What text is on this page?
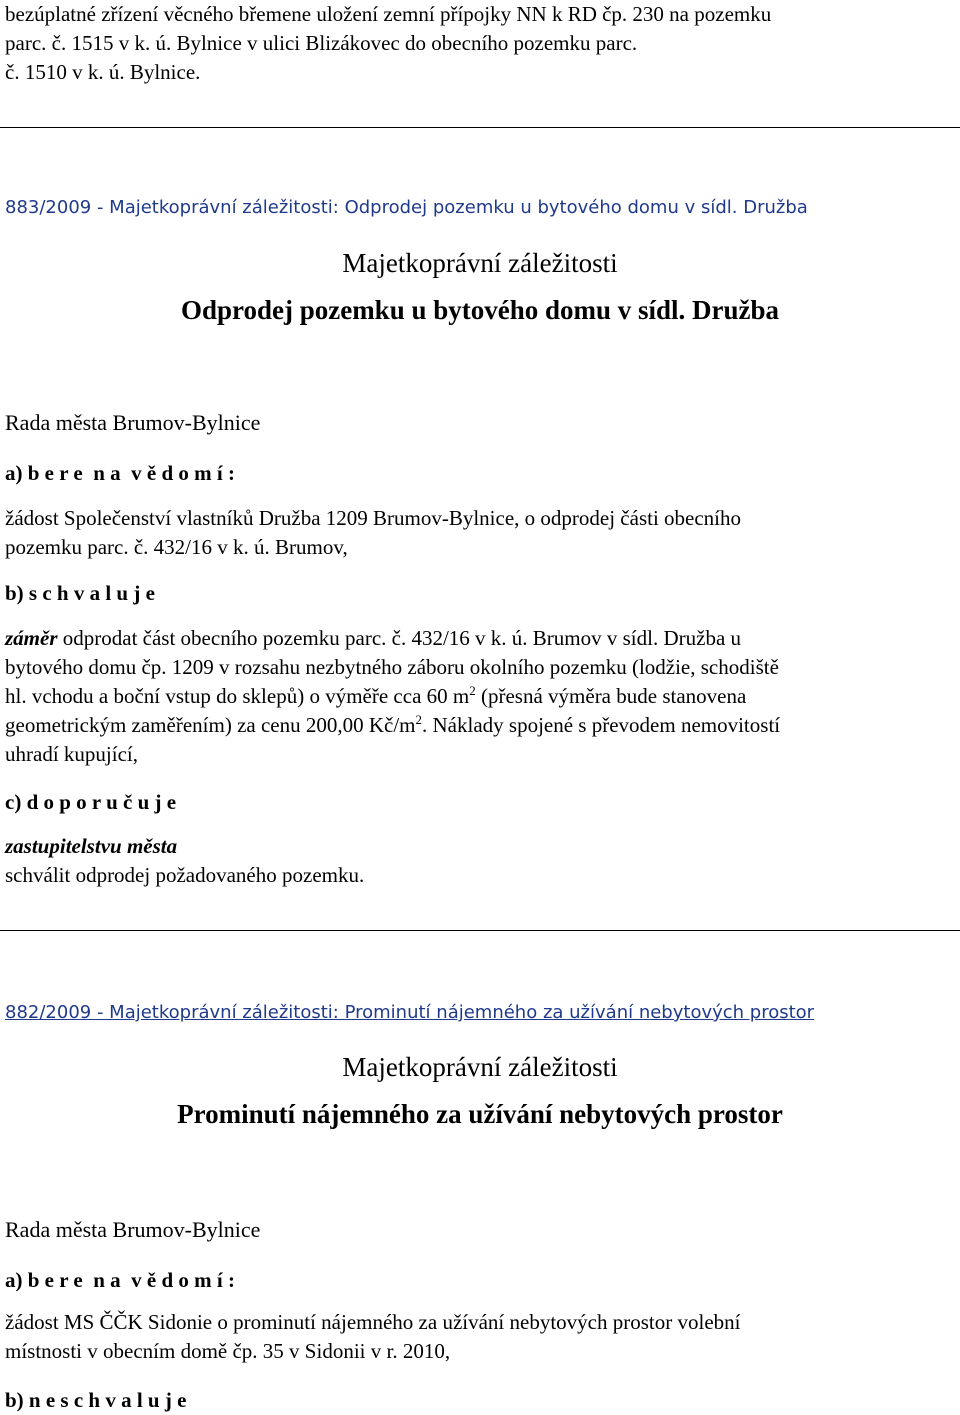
bezúplatné zřízení věcného břemene uložení zemní přípojky NN k RD čp. 230 na pozemku
parc. č. 1515 v k. ú. Bylnice v ulici Blizákovec do obecního pozemku parc.
č. 1510 v k. ú. Bylnice.
883/2009 - Majetkoprávní záležitosti: Odprodej pozemku u bytového domu v sídl. Družba
Majetkoprávní záležitosti
Odprodej pozemku u bytového domu v sídl. Družba
Rada města Brumov-Bylnice
a) b e r e  n a  v ě d o m í :
žádost Společenství vlastníků Družba 1209 Brumov-Bylnice, o odprodej části obecního
pozemku parc. č. 432/16 v k. ú. Brumov,
b) s c h v a l u j e
záměr odprodat část obecního pozemku parc. č. 432/16 v k. ú. Brumov v sídl. Družba u
bytového domu čp. 1209 v rozsahu nezbytného záboru okolního pozemku (lodžie, schodiště
hl. vchodu a boční vstup do sklepů) o výměře cca 60 $m^2$ (přesná výměra bude stanovena
geometrickým zaměřením) za cenu 200,00 $Kč/m^2$. Náklady spojené s převodem nemovitostí
uhradí kupující,
c) d o p o r u č u j e
zastupitelstvu města
schválit odprodej požadovaného pozemku.
882/2009 - Majetkoprávní záležitosti: Prominutí nájemného za užívání nebytových prostor
Majetkoprávní záležitosti
Prominutí nájemného za užívání nebytových prostor
Rada města Brumov-Bylnice
a) b e r e  n a  v ě d o m í :
žádost MS ČČK Sidonie o prominutí nájemného za užívání nebytových prostor volební
místnosti v obecním domě čp. 35 v Sidonii v r. 2010,
b) n e s c h v a l u j e
